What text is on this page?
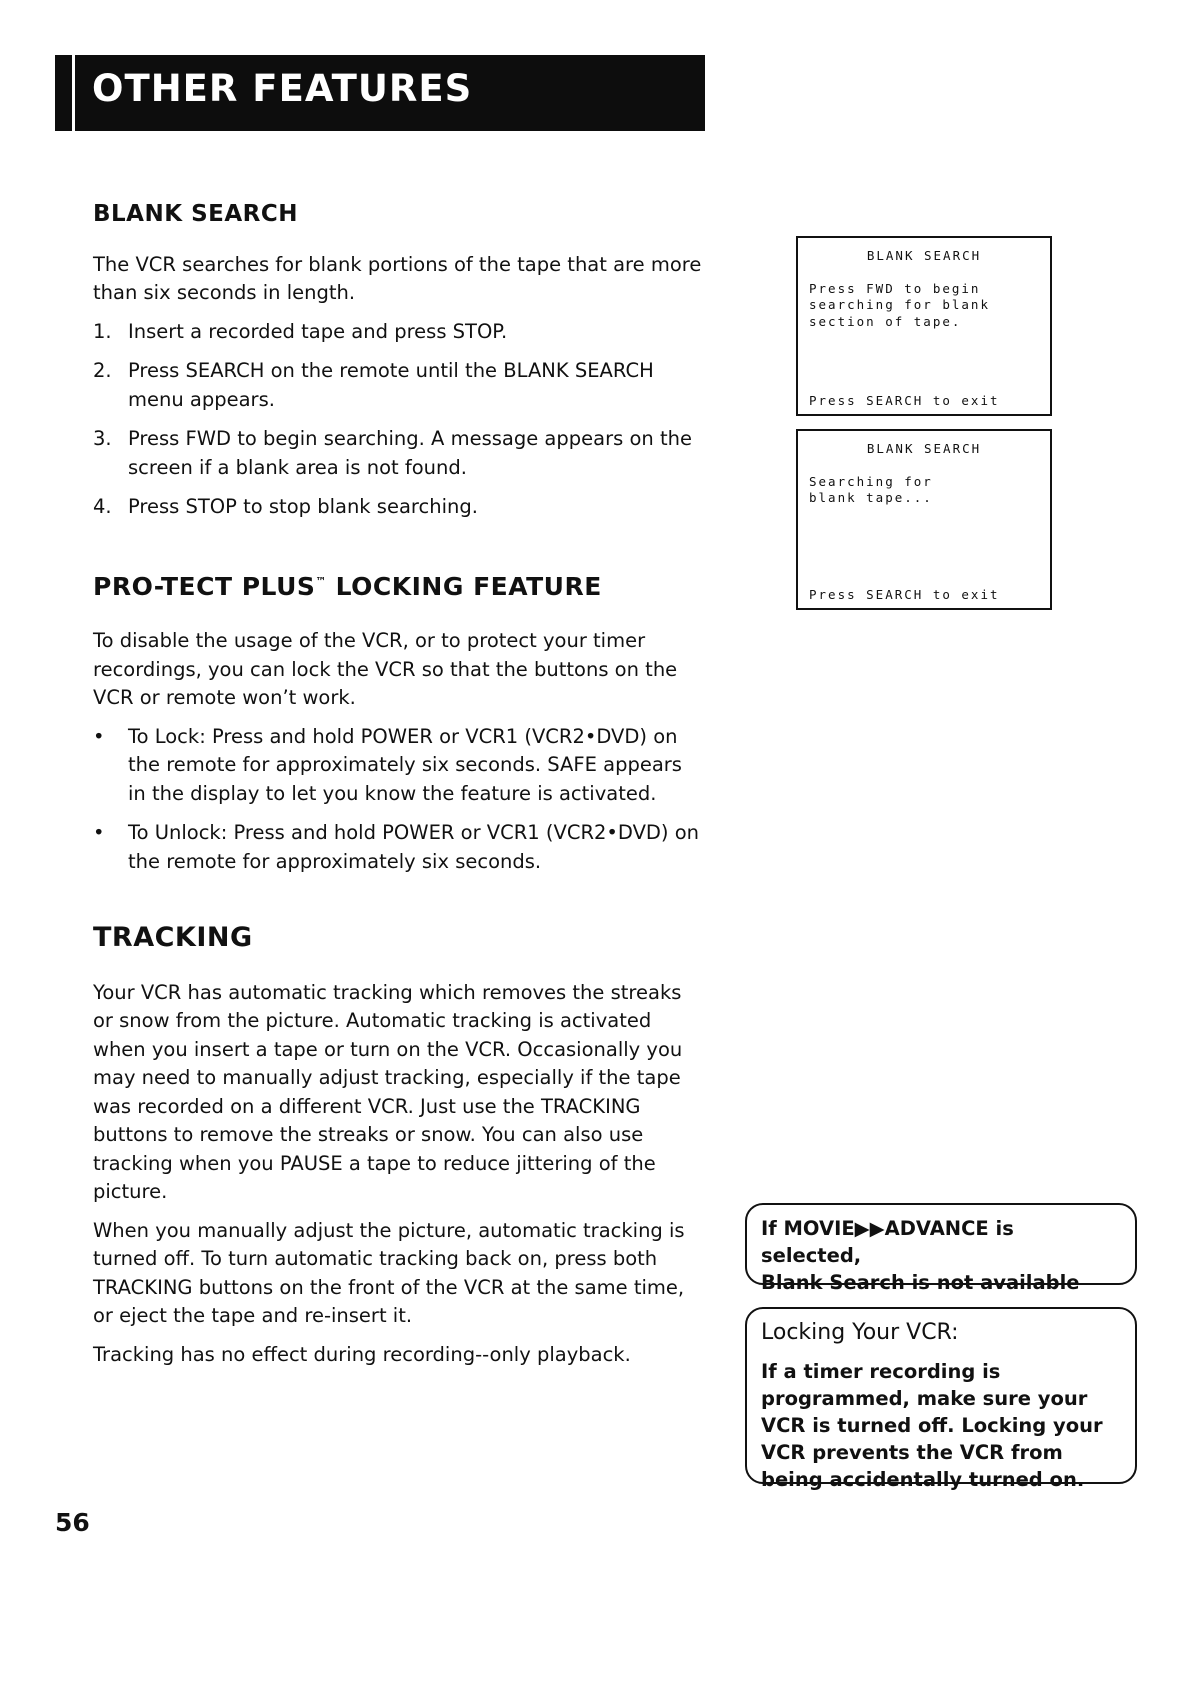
OTHER FEATURES
BLANK SEARCH

The VCR searches for blank portions of the tape that are more than six seconds in length.

1. Insert a recorded tape and press STOP.
2. Press SEARCH on the remote until the BLANK SEARCH menu appears.
3. Press FWD to begin searching. A message appears on the screen if a blank area is not found.
4. Press STOP to stop blank searching.
PRO-TECT PLUS™ LOCKING FEATURE

To disable the usage of the VCR, or to protect your timer recordings, you can lock the VCR so that the buttons on the VCR or remote won’t work.

• To Lock: Press and hold POWER or VCR1 (VCR2•DVD) on the remote for approximately six seconds. SAFE appears in the display to let you know the feature is activated.
• To Unlock: Press and hold POWER or VCR1 (VCR2•DVD) on the remote for approximately six seconds.
TRACKING

Your VCR has automatic tracking which removes the streaks or snow from the picture. Automatic tracking is activated when you insert a tape or turn on the VCR. Occasionally you may need to manually adjust tracking, especially if the tape was recorded on a different VCR. Just use the TRACKING buttons to remove the streaks or snow. You can also use tracking when you PAUSE a tape to reduce jittering of the picture.

When you manually adjust the picture, automatic tracking is turned off. To turn automatic tracking back on, press both TRACKING buttons on the front of the VCR at the same time, or eject the tape and re-insert it.

Tracking has no effect during recording--only playback.

BLANK SEARCH
Press FWD to begin
searching for blank
section of tape.
Press SEARCH to exit
BLANK SEARCH
Searching for
blank tape...
Press SEARCH to exit
If MOVIE▶▶ADVANCE is selected,
Blank Search is not available
Locking Your VCR:
If a timer recording is programmed, make sure your VCR is turned off. Locking your VCR prevents the VCR from being accidentally turned on.
56
